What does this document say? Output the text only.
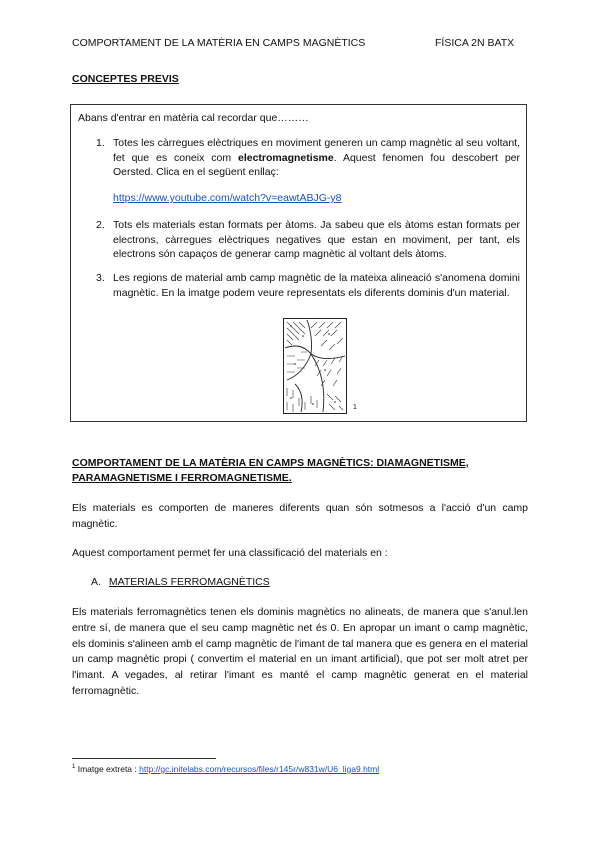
COMPORTAMENT DE LA MATÈRIA EN CAMPS MAGNÈTICS	FÍSICA 2N BATX
CONCEPTES PREVIS
Abans d'entrar en matèria cal recordar que………
1. Totes les càrregues elèctriques en moviment generen un camp magnètic al seu voltant, fet que es coneix com electromagnetisme. Aquest fenomen fou descobert per Oersted. Clica en el següent enllaç:
https://www.youtube.com/watch?v=eawtABJG-y8
2. Tots els materials estan formats per àtoms. Ja sabeu que els àtoms estan formats per electrons, càrregues elèctriques negatives que estan en moviment, per tant, els electrons són capaços de generar camp magnètic al voltant dels àtoms.
3. Les regions de material amb camp magnètic de la mateixa alineació s'anomena domini magnètic. En la imatge podem veure representats els diferents dominis d'un material.
1
COMPORTAMENT DE LA MATÈRIA EN CAMPS MAGNÈTICS: DIAMAGNETISME, PARAMAGNETISME I FERROMAGNETISME.
Els materials es comporten de maneres diferents quan són sotmesos a l'acció d'un camp magnètic.
Aquest comportament permet fer una classificació del materials en :
A. MATERIALS FERROMAGNÈTICS
Els materials ferromagnètics tenen els dominis magnètics no alineats, de manera que s'anul.len entre sí, de manera que el seu camp magnètic net és 0. En apropar un imant o camp magnètic, els dominis s'alineen amb el camp magnètic de l'imant de tal manera que es genera en el material un camp magnètic propi ( convertim el material en un imant artificial), que pot ser molt atret per l'imant. A vegades, al retirar l'imant es manté el camp magnètic generat en el material ferromagnètic.
$^1$ Imatge extreta : http://gc.initelabs.com/recursos/files/r145r/w831w/U6_liga9.html
